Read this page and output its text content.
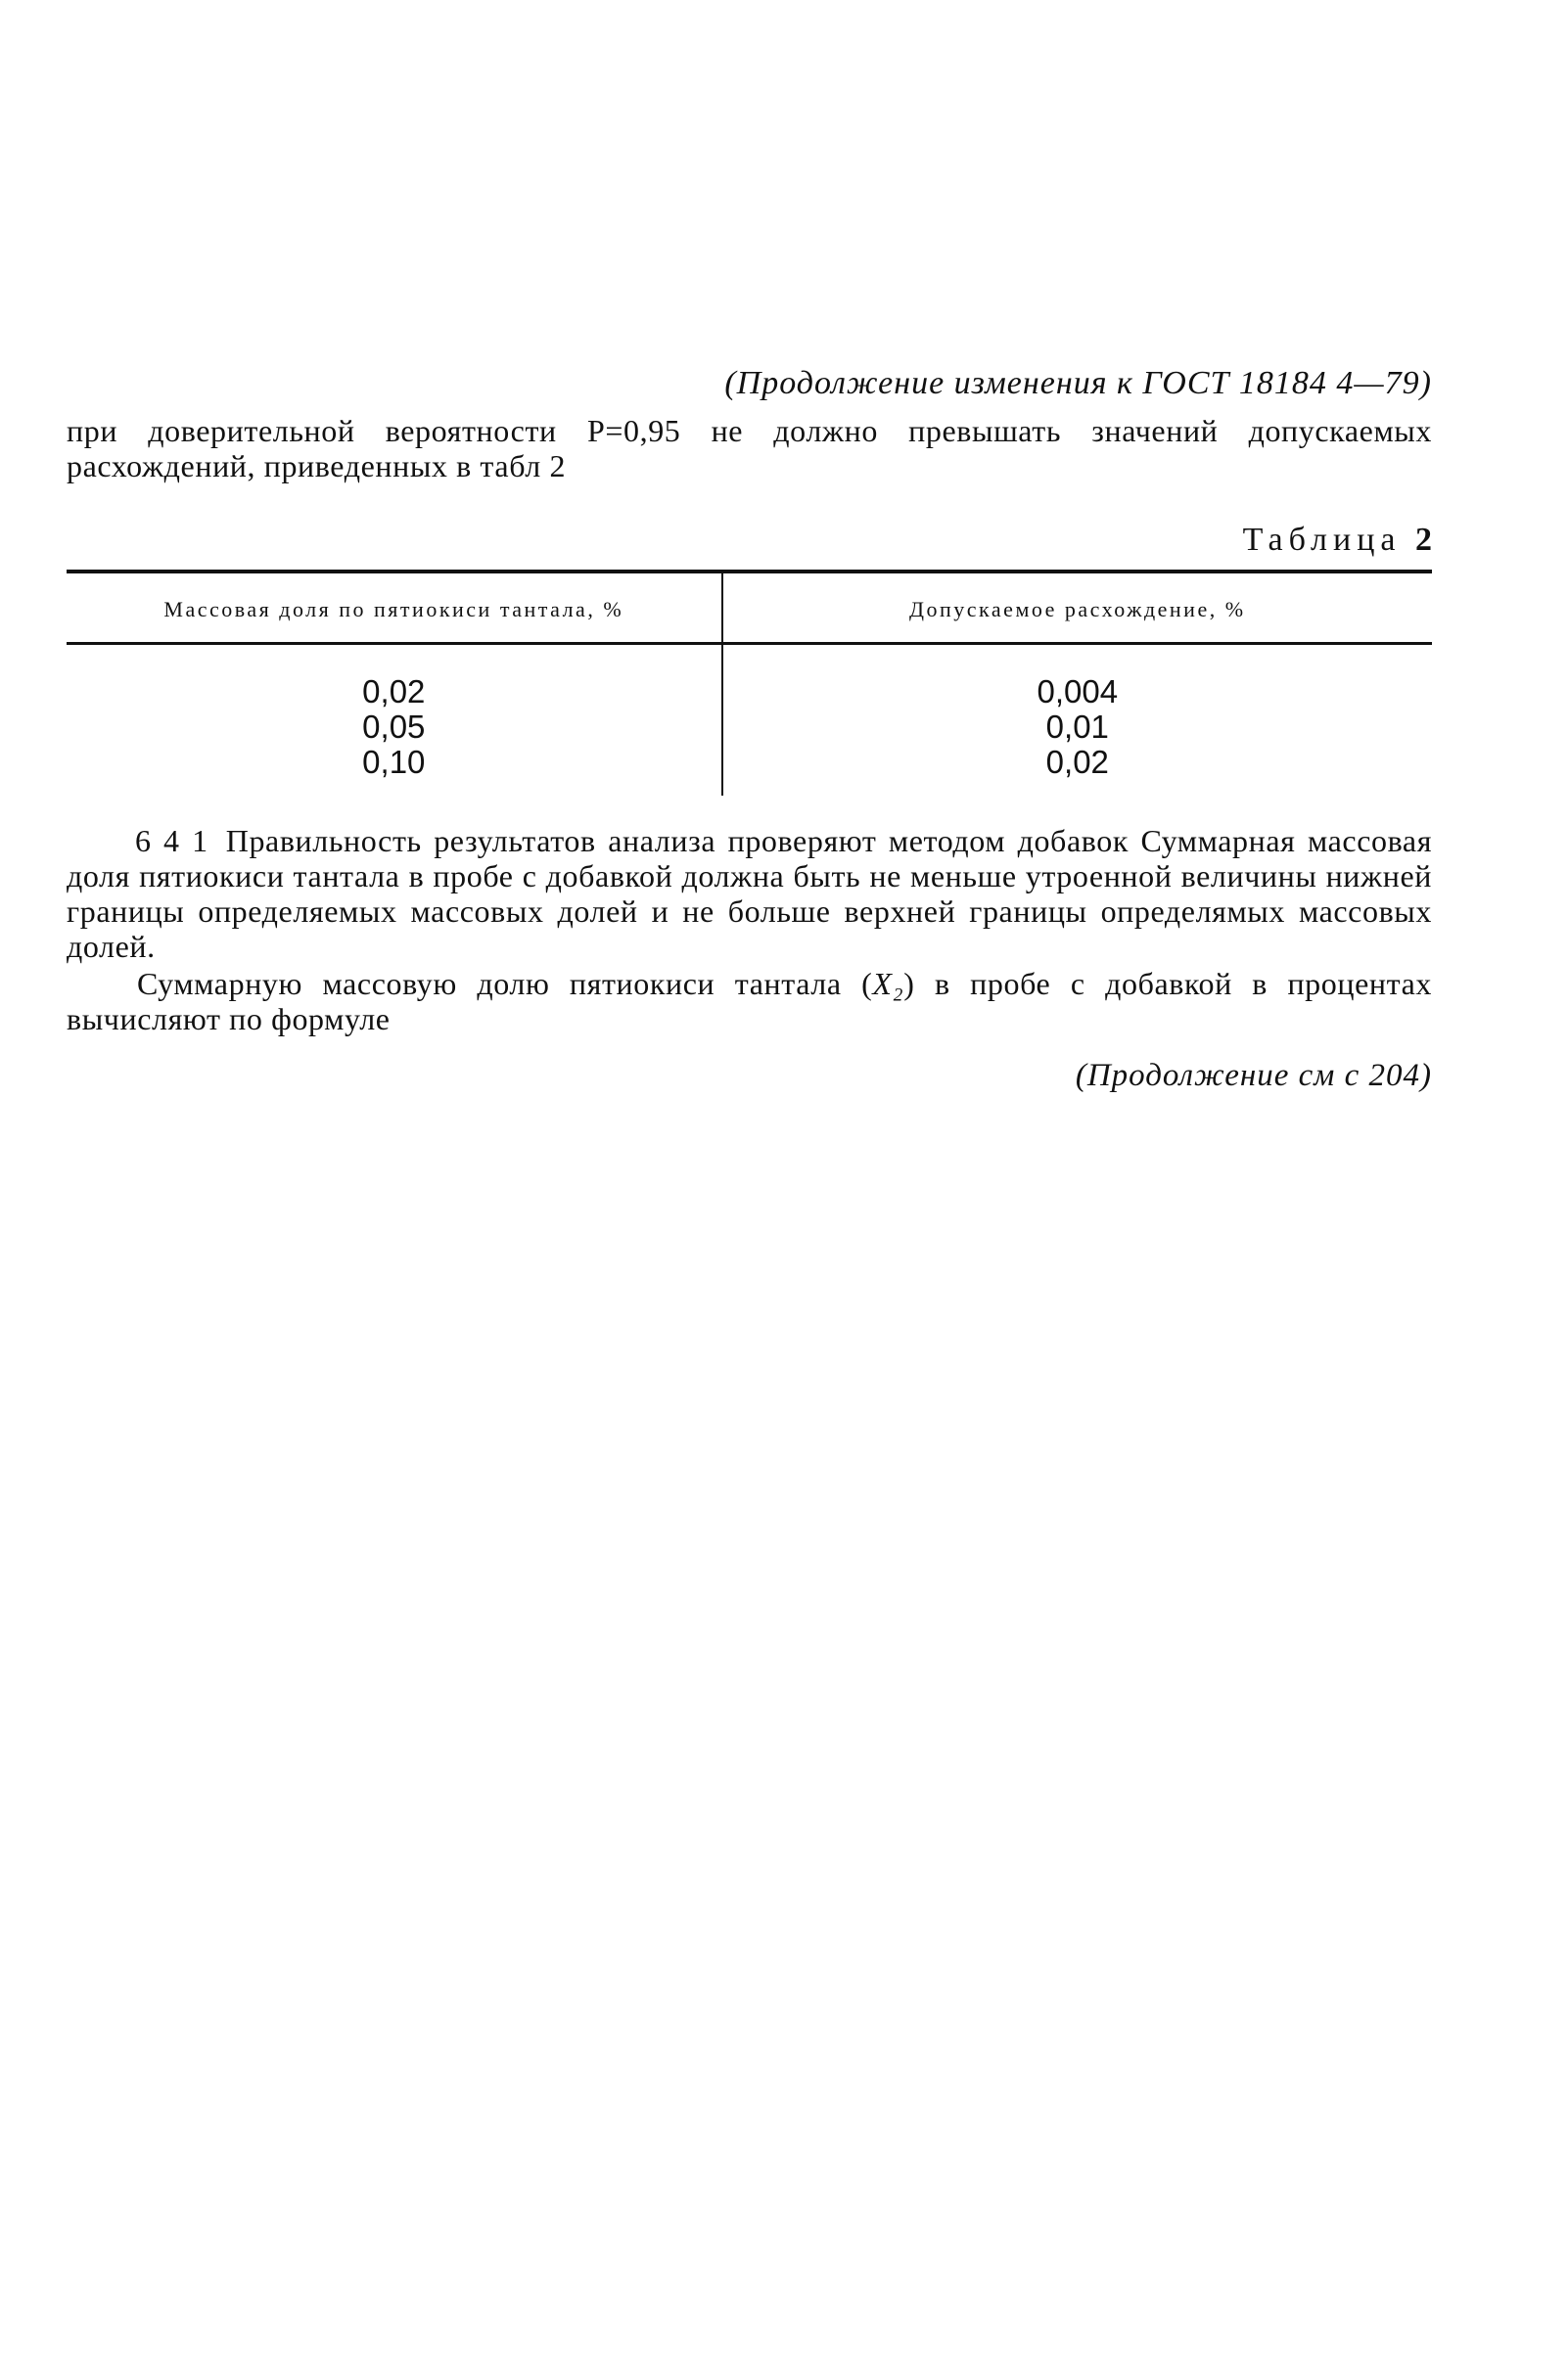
(Продолжение изменения к ГОСТ 18184 4—79)
при доверительной вероятности P=0,95 не должно превышать значений допускаемых расхождений, приведенных в табл 2
Таблица 2
Массовая доля по пятиокиси тантала, %	Допускаемое расхождение, %
0,02	0,004
0,05	0,01
0,10	0,02
6 4 1 Правильность результатов анализа проверяют методом добавок Суммарная массовая доля пятиокиси тантала в пробе с добавкой должна быть не меньше утроенной величины нижней границы определяемых массовых долей и не больше верхней границы определямых массовых долей.
Суммарную массовую долю пятиокиси тантала (X₂) в пробе с добавкой в процентах вычисляют по формуле
(Продолжение см с 204)
